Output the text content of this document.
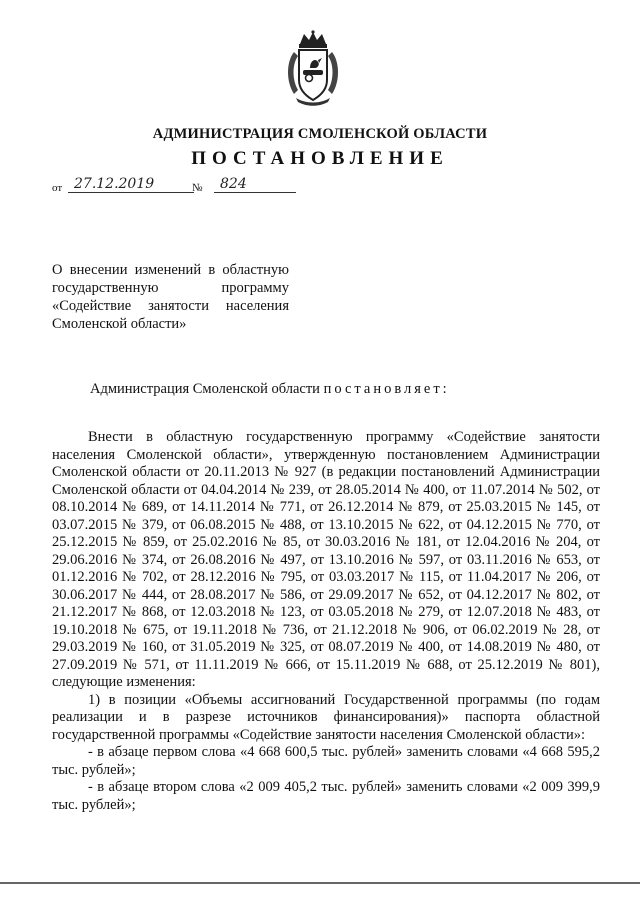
АДМИНИСТРАЦИЯ СМОЛЕНСКОЙ ОБЛАСТИ
ПОСТАНОВЛЕНИЕ
от 27.12.2019	№	824
О внесении изменений в областную государственную программу «Содействие занятости населения Смоленской области»
Администрация Смоленской области постановляет:

Внести в областную государственную программу «Содействие занятости населения Смоленской области», утвержденную постановлением Администрации Смоленской области от 20.11.2013 № 927 (в редакции постановлений Администрации Смоленской области от 04.04.2014 № 239, от 28.05.2014 № 400, от 11.07.2014 № 502, от 08.10.2014 № 689, от 14.11.2014 № 771, от 26.12.2014 № 879, от 25.03.2015 № 145, от 03.07.2015 № 379, от 06.08.2015 № 488, от 13.10.2015 № 622, от 04.12.2015 № 770, от 25.12.2015 № 859, от 25.02.2016 № 85, от 30.03.2016 № 181, от 12.04.2016 № 204, от 29.06.2016 № 374, от 26.08.2016 № 497, от 13.10.2016 № 597, от 03.11.2016 № 653, от 01.12.2016 № 702, от 28.12.2016 № 795, от 03.03.2017 № 115, от 11.04.2017 № 206, от 30.06.2017 № 444, от 28.08.2017 № 586, от 29.09.2017 № 652, от 04.12.2017 № 802, от 21.12.2017 № 868, от 12.03.2018 № 123, от 03.05.2018 № 279, от 12.07.2018 № 483, от 19.10.2018 № 675, от 19.11.2018 № 736, от 21.12.2018 № 906, от 06.02.2019 № 28, от 29.03.2019 № 160, от 31.05.2019 № 325, от 08.07.2019 № 400, от 14.08.2019 № 480, от 27.09.2019 № 571, от 11.11.2019 № 666, от 15.11.2019 № 688, от 25.12.2019 № 801), следующие изменения:

1) в позиции «Объемы ассигнований Государственной программы (по годам реализации и в разрезе источников финансирования)» паспорта областной государственной программы «Содействие занятости населения Смоленской области»:

- в абзаце первом слова «4 668 600,5 тыс. рублей» заменить словами «4 668 595,2 тыс. рублей»;

- в абзаце втором слова «2 009 405,2 тыс. рублей» заменить словами «2 009 399,9 тыс. рублей»;
